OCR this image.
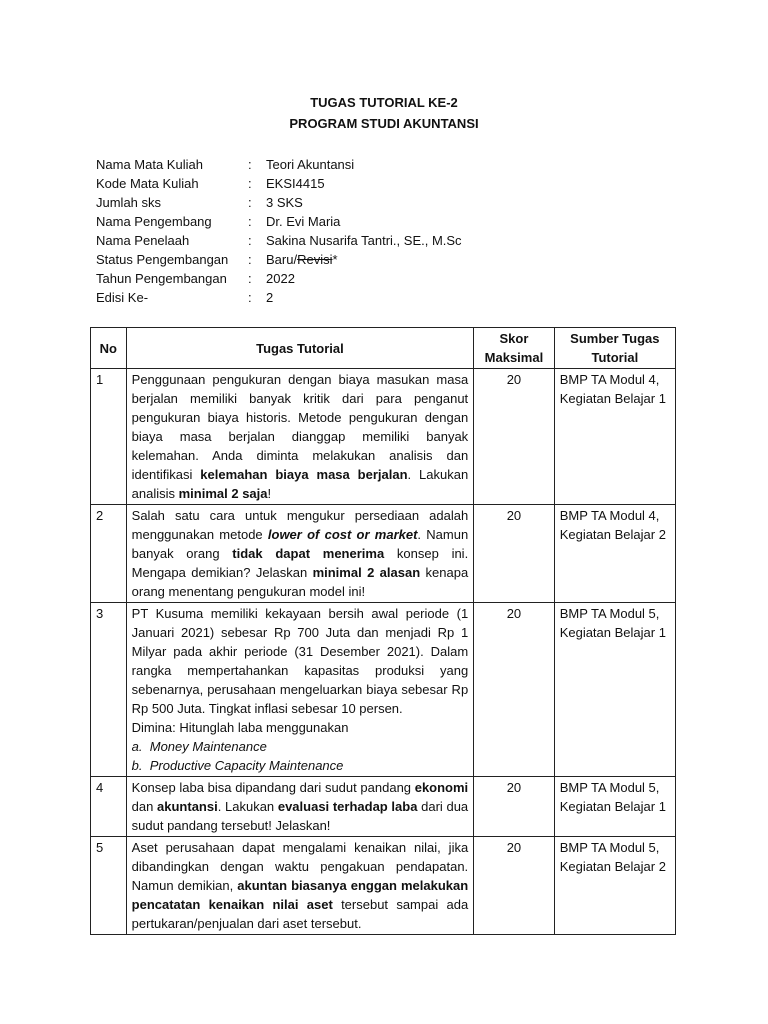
TUGAS TUTORIAL KE-2
PROGRAM STUDI AKUNTANSI
Nama Mata Kuliah	:	Teori Akuntansi
Kode Mata Kuliah	:	EKSI4415
Jumlah sks	:	3 SKS
Nama Pengembang	:	Dr. Evi Maria
Nama Penelaah	:	Sakina Nusarifa Tantri., SE., M.Sc
Status Pengembangan	:	Baru/Revisi*
Tahun Pengembangan	:	2022
Edisi Ke-	:	2
No	Tugas Tutorial	Skor Maksimal	Sumber Tugas Tutorial
1	Penggunaan pengukuran dengan biaya masukan masa berjalan memiliki banyak kritik dari para penganut pengukuran biaya historis. Metode pengukuran dengan biaya masa berjalan dianggap memiliki banyak kelemahan. Anda diminta melakukan analisis dan identifikasi kelemahan biaya masa berjalan. Lakukan analisis minimal 2 saja!	20	BMP TA Modul 4, Kegiatan Belajar 1
2	Salah satu cara untuk mengukur persediaan adalah menggunakan metode lower of cost or market. Namun banyak orang tidak dapat menerima konsep ini. Mengapa demikian? Jelaskan minimal 2 alasan kenapa orang menentang pengukuran model ini!	20	BMP TA Modul 4, Kegiatan Belajar 2
3	PT Kusuma memiliki kekayaan bersih awal periode (1 Januari 2021) sebesar Rp 700 Juta dan menjadi Rp 1 Milyar pada akhir periode (31 Desember 2021). Dalam rangka mempertahankan kapasitas produksi yang sebenarnya, perusahaan mengeluarkan biaya sebesar Rp Rp 500 Juta. Tingkat inflasi sebesar 10 persen.
Dimina: Hitunglah laba menggunakan
a. Money Maintenance
b. Productive Capacity Maintenance	20	BMP TA Modul 5, Kegiatan Belajar 1
4	Konsep laba bisa dipandang dari sudut pandang ekonomi dan akuntansi. Lakukan evaluasi terhadap laba dari dua sudut pandang tersebut! Jelaskan!	20	BMP TA Modul 5, Kegiatan Belajar 1
5	Aset perusahaan dapat mengalami kenaikan nilai, jika dibandingkan dengan waktu pengakuan pendapatan. Namun demikian, akuntan biasanya enggan melakukan pencatatan kenaikan nilai aset tersebut sampai ada pertukaran/penjualan dari aset tersebut.	20	BMP TA Modul 5, Kegiatan Belajar 2
